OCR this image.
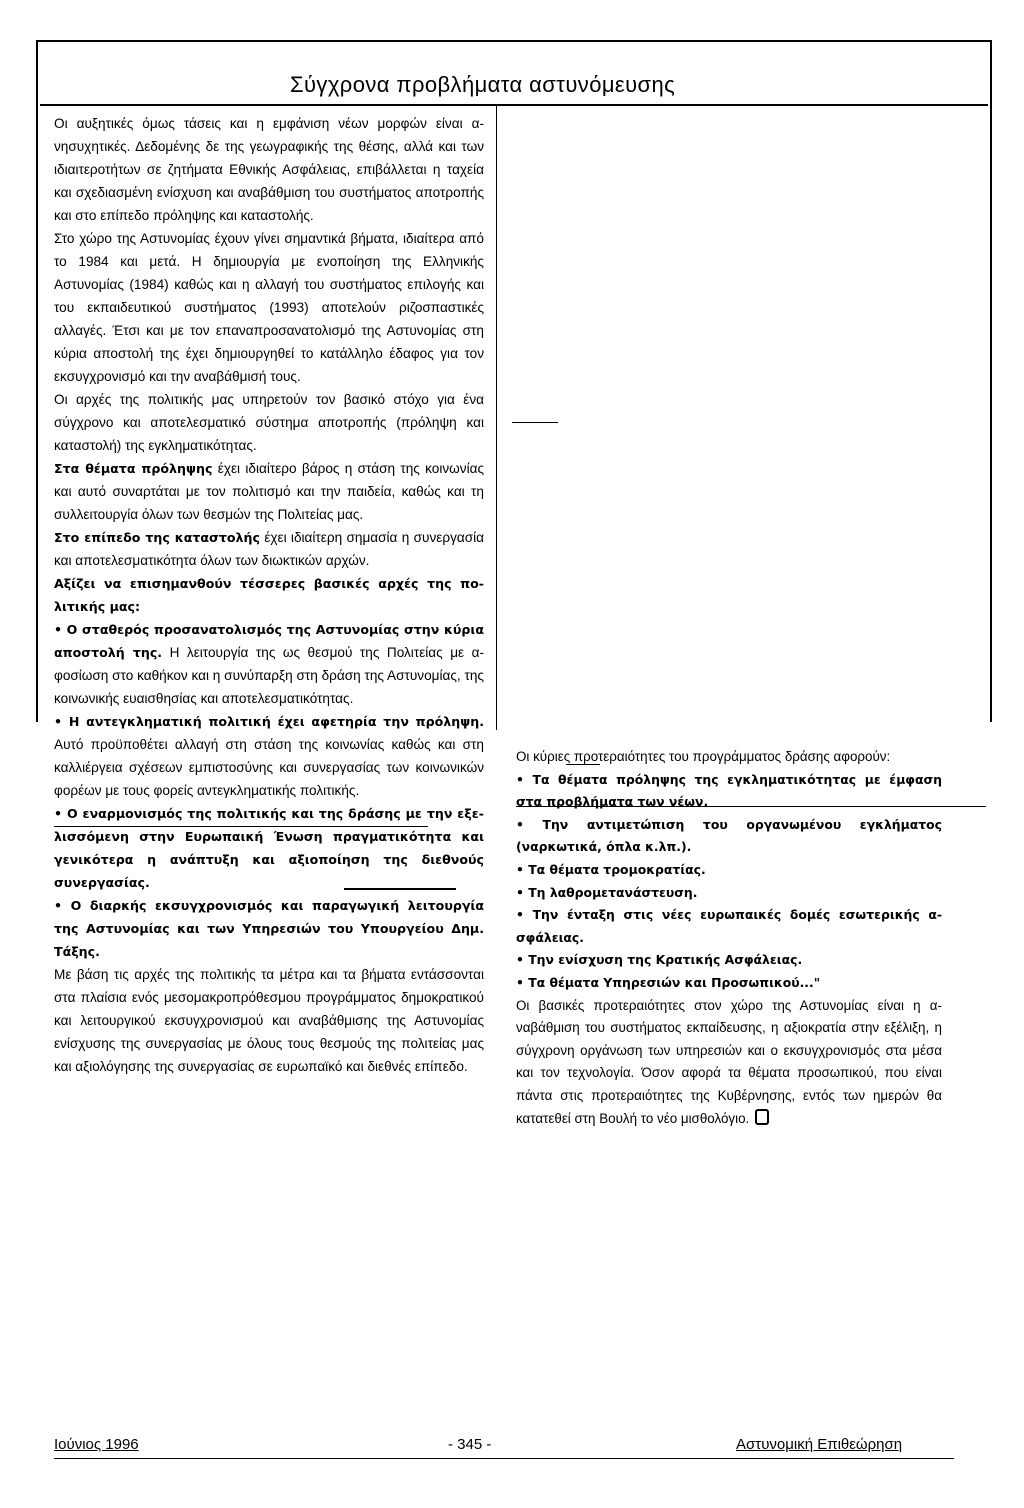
Σύγχρονα προβλήματα αστυνόμευσης

Οι αυξητικές όμως τάσεις και η εμφάνιση νέων μορφών είναι ανησυχητικές. Δεδομένης δε της γεωγραφικής της θέσης, αλλά και των ιδιαιτεροτήτων σε ζητήματα Εθνικής Ασφάλειας, επιβάλλεται η ταχεία και σχεδιασμένη ενίσχυση και αναβάθμιση του συστήματος αποτροπής και στο επίπεδο πρόληψης και καταστολής.

Στο χώρο της Αστυνομίας έχουν γίνει σημαντικά βήματα, ιδιαίτερα από το 1984 και μετά. Η δημιουργία με ενοποίηση της Ελληνικής Αστυνομίας (1984) καθώς και η αλλαγή του συστήματος επιλογής και του εκπαιδευτικού συστήματος (1993) αποτελούν ριζοσπαστικές αλλαγές. Έτσι και με τον επαναπροσανατολισμό της Αστυνομίας στη κύρια αποστολή της έχει δημιουργηθεί το κατάλληλο έδαφος για τον εκσυγχρονισμό και την αναβάθμισή τους.

Οι αρχές της πολιτικής μας υπηρετούν τον βασικό στόχο για ένα σύγχρονο και αποτελεσματικό σύστημα αποτροπής (πρόληψη και καταστολή) της εγκληματικότητας.

Στα θέματα πρόληψης έχει ιδιαίτερο βάρος η στάση της κοινωνίας και αυτό συναρτάται με τον πολιτισμό και την παιδεία, καθώς και τη συλλειτουργία όλων των θεσμών της Πολιτείας μας.

Στο επίπεδο της καταστολής έχει ιδιαίτερη σημασία η συνεργασία και αποτελεσματικότητα όλων των διωκτικών αρχών.

Αξίζει να επισημανθούν τέσσερες βασικές αρχές της πολιτικής μας:

• Ο σταθερός προσανατολισμός της Αστυνομίας στην κύρια αποστολή της. Η λειτουργία της ως θεσμού της Πολιτείας με αφοσίωση στο καθήκον και η συνύπαρξη στη δράση της Αστυνομίας, της κοινωνικής ευαισθησίας και αποτελεσματικότητας.

• Η αντεγκληματική πολιτική έχει αφετηρία την πρόληψη. Αυτό προϋποθέτει αλλαγή στη στάση της κοινωνίας καθώς και στη καλλιέργεια σχέσεων εμπιστοσύνης και συνεργασίας των κοινωνικών φορέων με τους φορείς αντεγκληματικής πολιτικής.

• Ο εναρμονισμός της πολιτικής και της δράσης με την εξελισσόμενη στην Ευρωπαική Ένωση πραγματικότητα και γενικότερα η ανάπτυξη και αξιοποίηση της διεθνούς συνεργασίας.

• Ο διαρκής εκσυγχρονισμός και παραγωγική λειτουργία της Αστυνομίας και των Υπηρεσιών του Υπουργείου Δημ. Τάξης.

Με βάση τις αρχές της πολιτικής τα μέτρα και τα βήματα εντάσσονται στα πλαίσια ενός μεσομακροπρόθεσμου προγράμματος δημοκρατικού και λειτουργικού εκσυγχρονισμού και αναβάθμισης της Αστυνομίας ενίσχυσης της συνεργασίας με όλους τους θεσμούς της πολιτείας μας και αξιολόγησης της συνεργασίας σε ευρωπαϊκό και διεθνές επίπεδο.

Οι κύριες προτεραιότητες του προγράμματος δράσης αφορούν:

• Τα θέματα πρόληψης της εγκληματικότητας με έμφαση στα προβλήματα των νέων.

• Την αντιμετώπιση του οργανωμένου εγκλήματος (ναρκωτικά, όπλα κ.λπ.).

• Τα θέματα τρομοκρατίας.

• Τη λαθρομετανάστευση.

• Την ένταξη στις νέες ευρωπαικές δομές εσωτερικής ασφάλειας.

• Την ενίσχυση της Κρατικής Ασφάλειας.

• Τα θέματα Υπηρεσιών και Προσωπικού..."

Οι βασικές προτεραιότητες στον χώρο της Αστυνομίας είναι η αναβάθμιση του συστήματος εκπαίδευσης, η αξιοκρατία στην εξέλιξη, η σύγχρονη οργάνωση των υπηρεσιών και ο εκσυγχρονισμός στα μέσα και τον τεχνολογία. Όσον αφορά τα θέματα προσωπικού, που είναι πάντα στις προτεραιότητες της Κυβέρνησης, εντός των ημερών θα κατατεθεί στη Βουλή το νέο μισθολόγιο.

Ιούνιος 1996	- 345 -	Αστυνομική Επιθεώρηση
